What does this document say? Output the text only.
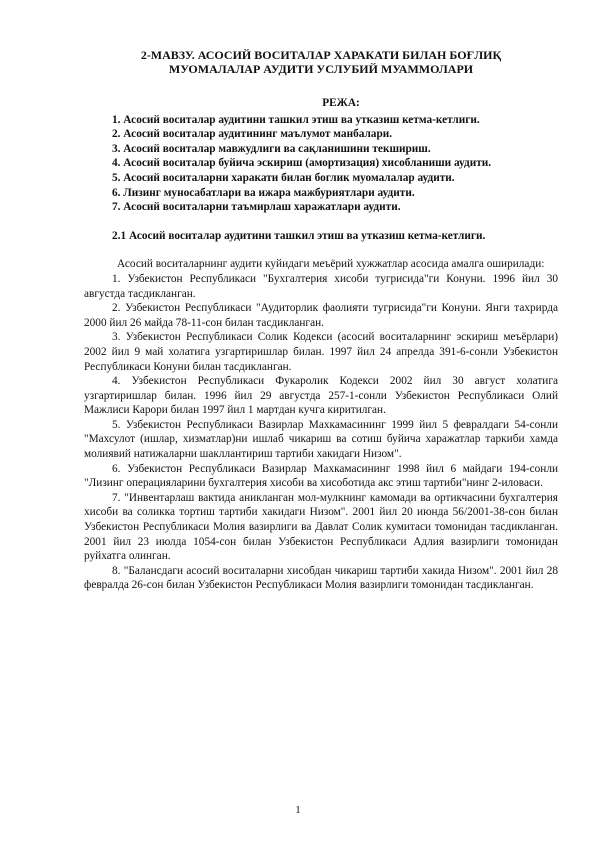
2-МАВЗУ. АСОСИЙ ВОСИТАЛАР ХАРАКАТИ БИЛАН БОҒЛИҚ
МУОМАЛАЛАР АУДИТИ УСЛУБИЙ МУАММОЛАРИ
РЕЖА:

1. Асосий воситалар аудитини ташкил этиш ва утказиш кетма-кетлиги.

2. Асосий воситалар аудитининг маълумот манбалари.

3. Асосий воситалар мавжудлиги ва сақланишини текшириш.

4. Асосий воситалар буйича эскириш (амортизация) хисобланиши аудити.

5. Асосий воситаларни харакати билан боглик муомалалар аудити.

6. Лизинг муносабатлари ва ижара мажбуриятлари аудити.

7. Асосий воситаларни таъмирлаш харажатлари аудити.

2.1 Асосий воситалар аудитини ташкил этиш ва утказиш кетма-кетлиги.

Асосий воситаларнинг аудити куйидаги меъёрий хужжатлар асосида амалга оширилади:

1. Узбекистон Республикаси "Бухгалтерия хисоби тугрисида"ги Конуни. 1996 йил 30 августда тасдикланган.

2. Узбекистон Республикаси "Аудиторлик фаолияти тугрисида"ги Конуни. Янги тахрирда 2000 йил 26 майда 78-11-сон билан тасдикланган.

3. Узбекистон Республикаси Солик Кодекси (асосий воситаларнинг эскириш меъёрлари) 2002 йил 9 май холатига узгартиришлар билан. 1997 йил 24 апрелда 391-6-сонли Узбекистон Республикаси Конуни билан тасдикланган.

4. Узбекистон Республикаси Фукаролик Кодекси 2002 йил 30 август холатига узгартиришлар билан. 1996 йил 29 августда 257-1-сонли Узбекистон Республикаси Олий Мажлиси Карори билан 1997 йил 1 мартдан кучга киритилган.

5. Узбекистон Республикаси Вазирлар Махкамасининг 1999 йил 5 февралдаги 54-сонли "Махсулот (ишлар, хизматлар)ни ишлаб чикариш ва сотиш буйича харажатлар таркиби хамда молиявий натижаларни шакллантириш тартиби хакидаги Низом".

6. Узбекистон Республикаси Вазирлар Махкамасининг 1998 йил 6 майдаги 194-сонли "Лизинг операцияларини бухгалтерия хисоби ва хисоботида акс этиш тартиби"нинг 2-иловаси.

7. "Инвентарлаш вактида аникланган мол-мулкнинг камомади ва ортикчасини бухгалтерия хисоби ва соликка тортиш тартиби хакидаги Низом". 2001 йил 20 июнда 56/2001-38-сон билан Узбекистон Республикаси Молия вазирлиги ва Давлат Солик кумитаси томонидан тасдикланган. 2001 йил 23 июлда 1054-сон билан Узбекистон Республикаси Адлия вазирлиги томонидан руйхатга олинган.

8. "Балансдаги асосий воситаларни хисобдан чикариш тартиби хакида Низом". 2001 йил 28 февралда 26-сон билан Узбекистон Республикаси Молия вазирлиги томонидан тасдикланган.

1
